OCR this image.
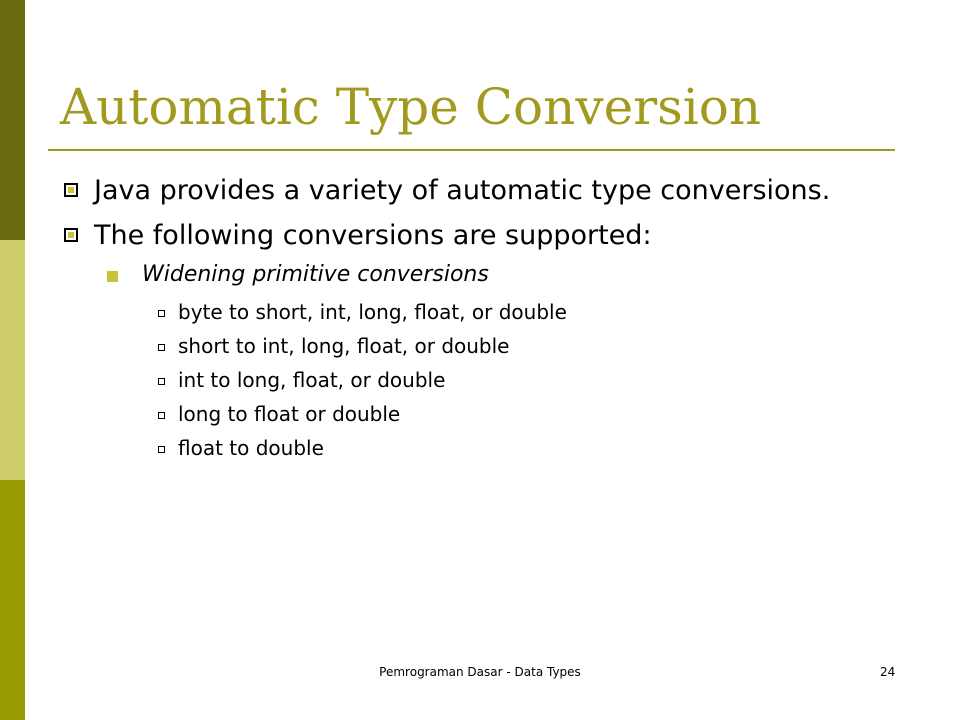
Automatic Type Conversion
Java provides a variety of automatic type conversions.
The following conversions are supported:
Widening primitive conversions
byte to short, int, long, float, or double
short to int, long, float, or double
int to long, float, or double
long to float or double
float to double
Pemrograman Dasar - Data Types	24
